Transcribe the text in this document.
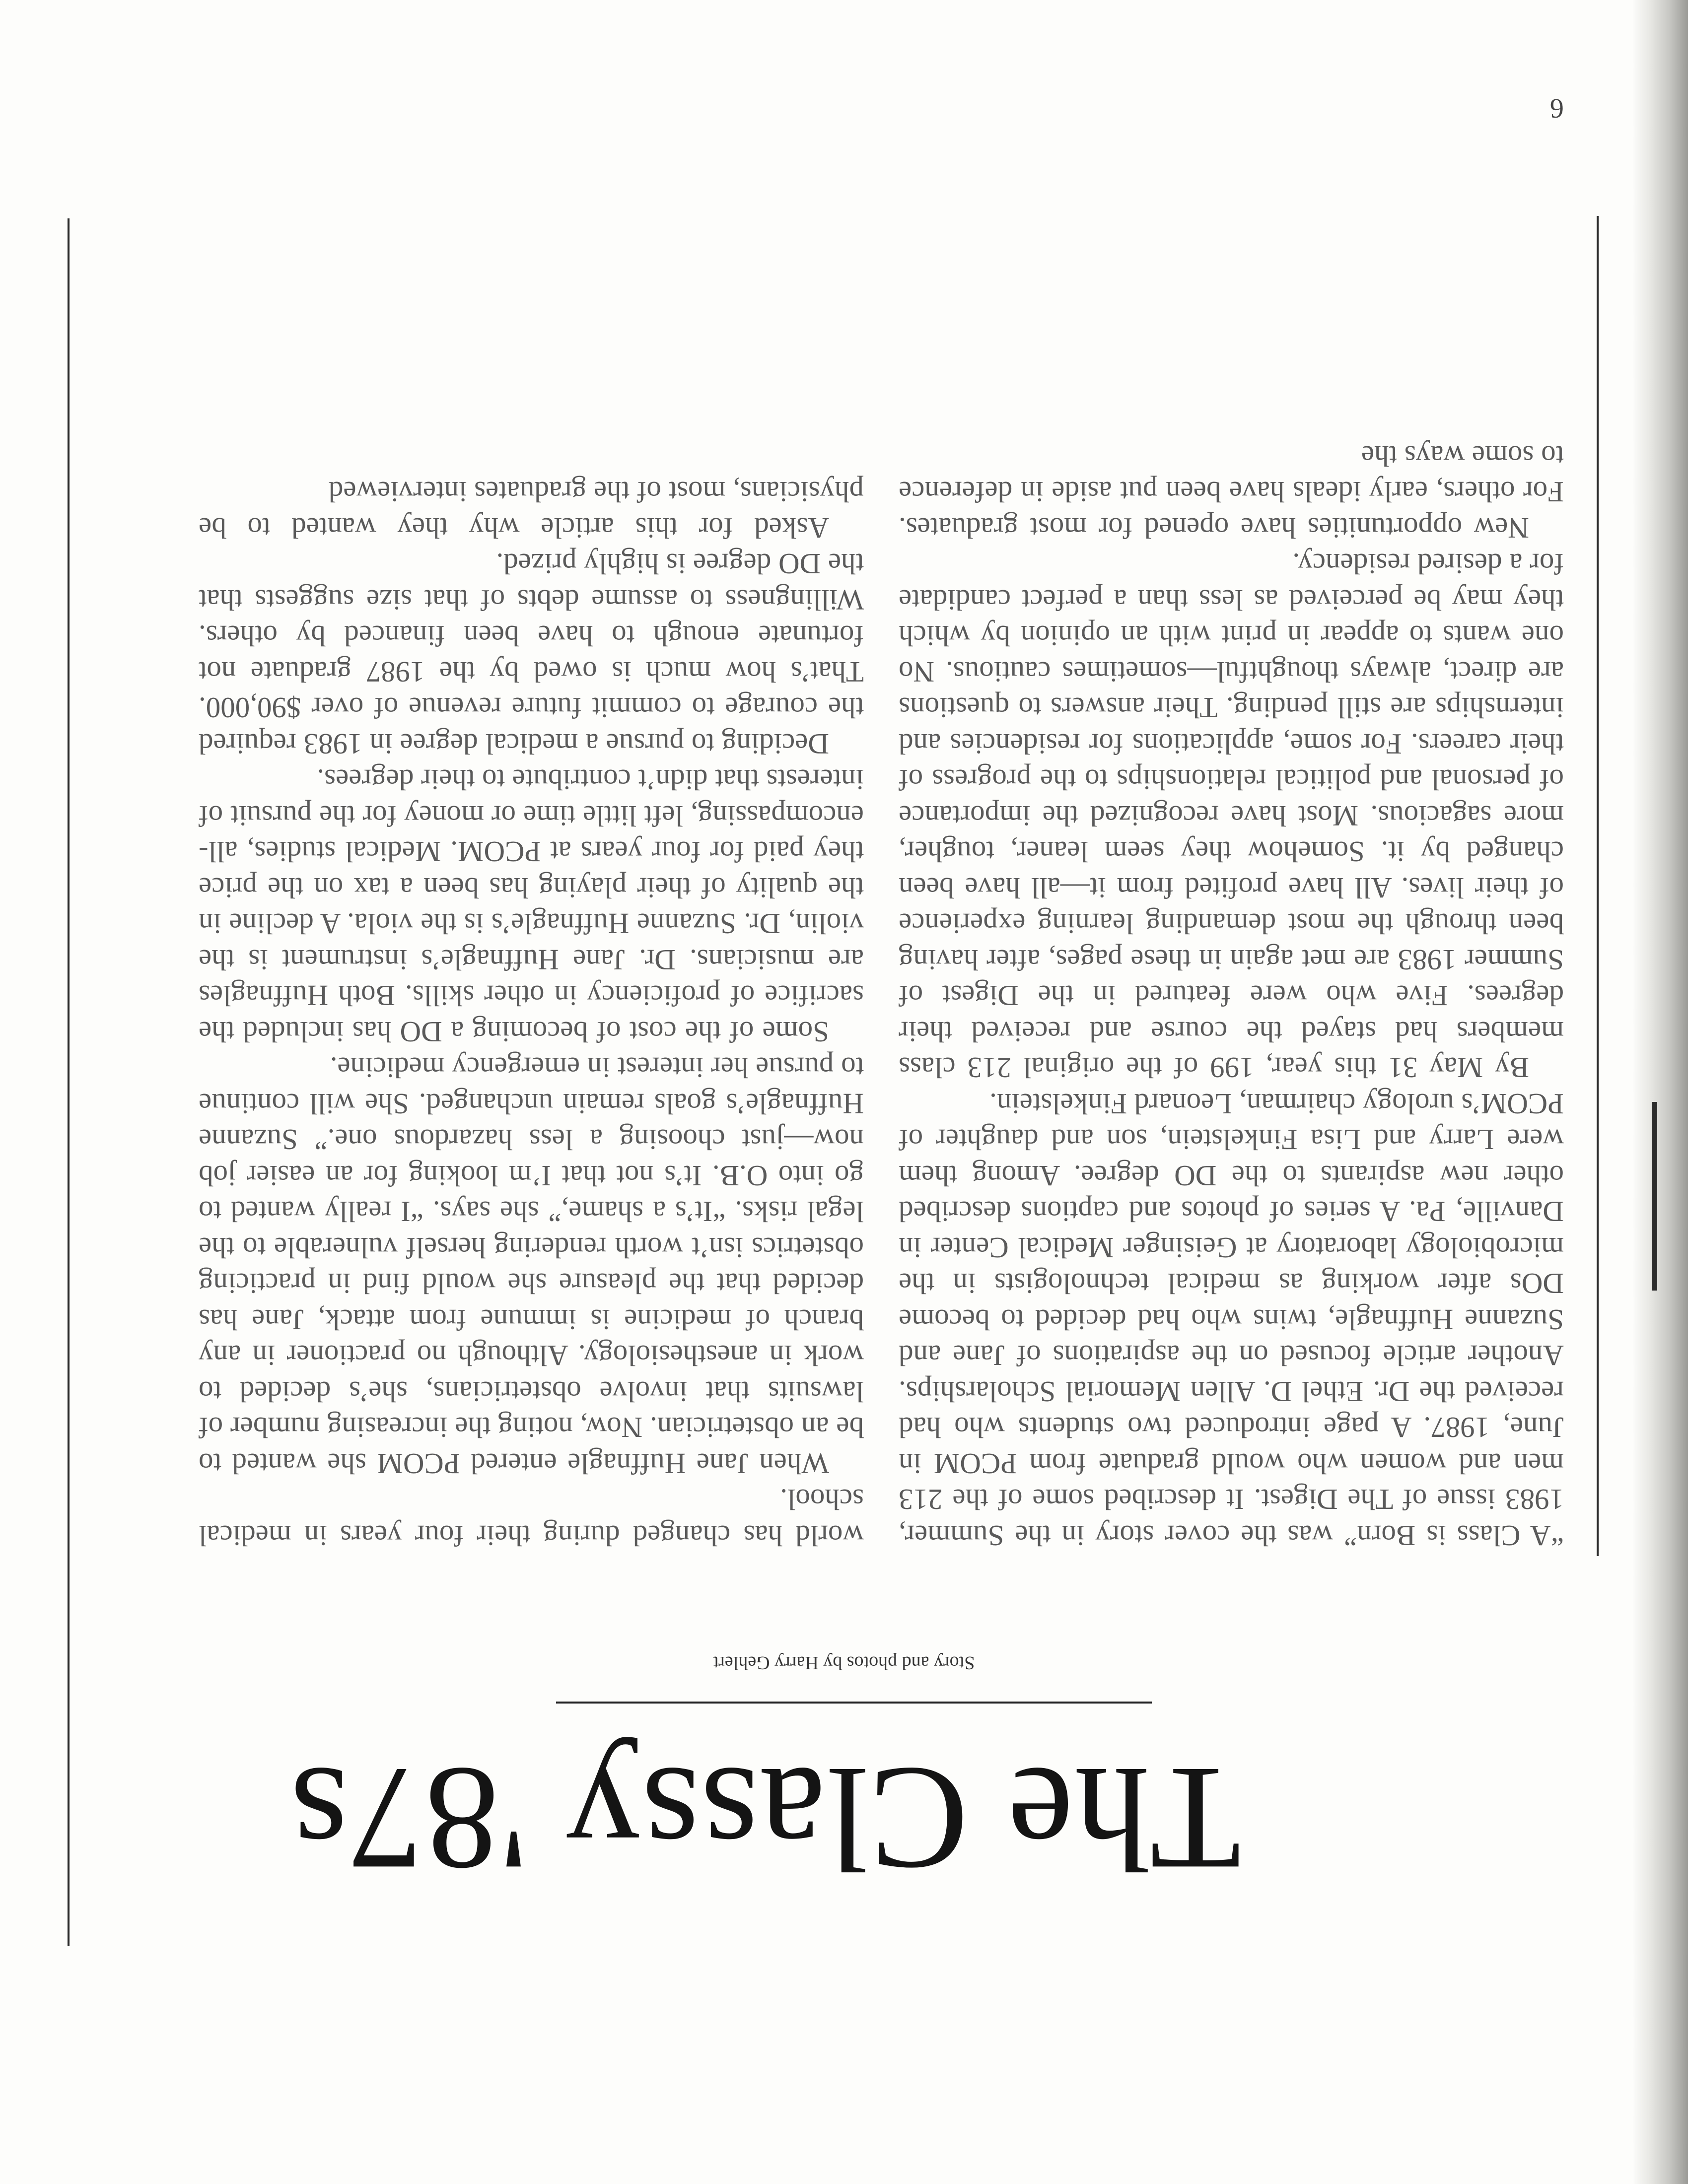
6
The Classy '87s
Story and photos by Harry Gehlert

“A Class is Born” was the cover story in the Summer, 1983 issue of The Digest. It described some of the 213 men and women who would graduate from PCOM in June, 1987. A page introduced two students who had received the Dr. Ethel D. Allen Memorial Scholarships. Another article focused on the aspirations of Jane and Suzanne Huffnagle, twins who had decided to become DOs after working as medical technologists in the microbiology laboratory at Geisinger Medical Center in Danville, Pa. A series of photos and captions described other new aspirants to the DO degree. Among them were Larry and Lisa Finkelstein, son and daughter of PCOM’s urology chairman, Leonard Finkelstein.

By May 31 this year, 199 of the original 213 class members had stayed the course and received their degrees. Five who were featured in the Digest of Summer 1983 are met again in these pages, after having been through the most demanding learning experience of their lives. All have profited from it—all have been changed by it. Somehow they seem leaner, tougher, more sagacious. Most have recognized the importance of personal and political relationships to the progress of their careers. For some, applications for residencies and internships are still pending. Their answers to questions are direct, always thoughtful—sometimes cautious. No one wants to appear in print with an opinion by which they may be perceived as less than a perfect candidate for a desired residency.

New opportunities have opened for most graduates. For others, early ideals have been put aside in deference to some ways the

world has changed during their four years in medical school.

When Jane Huffnagle entered PCOM she wanted to be an obstetrician. Now, noting the increasing number of lawsuits that involve obstetricians, she’s decided to work in anesthesiology. Although no practioner in any branch of medicine is immune from attack, Jane has decided that the pleasure she would find in practicing obstetrics isn’t worth rendering herself vulnerable to the legal risks. “It’s a shame,” she says. “I really wanted to go into O.B. It’s not that I’m looking for an easier job now—just choosing a less hazardous one.” Suzanne Huffnagle’s goals remain unchanged. She will continue to pursue her interest in emergency medicine.

Some of the cost of becoming a DO has included the sacrifice of proficiency in other skills. Both Huffnagles are musicians. Dr. Jane Huffnagle’s instrument is the violin, Dr. Suzanne Huffnagle’s is the viola. A decline in the quality of their playing has been a tax on the price they paid for four years at PCOM. Medical studies, all-encompassing, left little time or money for the pursuit of interests that didn’t contribute to their degrees.

Deciding to pursue a medical degree in 1983 required the courage to commit future revenue of over $90,000. That’s how much is owed by the 1987 graduate not fortunate enough to have been financed by others. Willingness to assume debts of that size suggests that the DO degree is highly prized.

Asked for this article why they wanted to be physicians, most of the graduates interviewed
